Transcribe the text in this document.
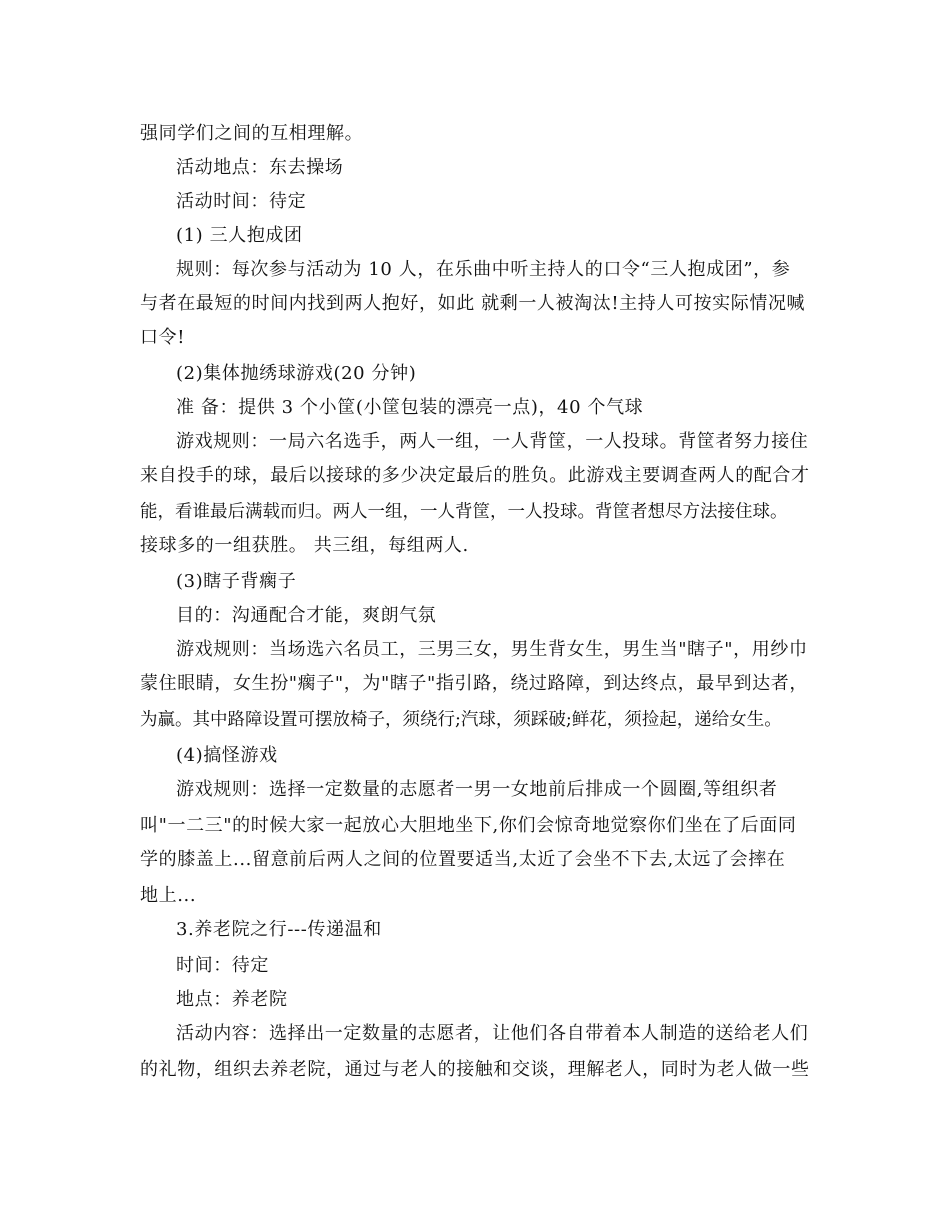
强同学们之间的互相理解。
活动地点：东去操场
活动时间：待定
(1) 三人抱成团
规则：每次参与活动为 10 人，在乐曲中听主持人的口令“三人抱成团”，参
与者在最短的时间内找到两人抱好，如此 就剩一人被淘汰!主持人可按实际情况喊
口令!
(2)集体抛绣球游戏(20 分钟)
准 备：提供 3 个小筐(小筐包装的漂亮一点)，40 个气球
游戏规则：一局六名选手，两人一组，一人背筐，一人投球。背筐者努力接住
来自投手的球，最后以接球的多少决定最后的胜负。此游戏主要调查两人的配合才
能，看谁最后满载而归。两人一组，一人背筐，一人投球。背筐者想尽方法接住球。
接球多的一组获胜。 共三组，每组两人.
(3)瞎子背瘸子
目的：沟通配合才能，爽朗气氛
游戏规则：当场选六名员工，三男三女，男生背女生，男生当"瞎子"，用纱巾
蒙住眼睛，女生扮"瘸子"，为"瞎子"指引路，绕过路障，到达终点，最早到达者，
为赢。其中路障设置可摆放椅子，须绕行;汽球，须踩破;鲜花，须捡起，递给女生。
(4)搞怪游戏
游戏规则：选择一定数量的志愿者一男一女地前后排成一个圆圈,等组织者
叫"一二三"的时候大家一起放心大胆地坐下,你们会惊奇地觉察你们坐在了后面同
学的膝盖上...留意前后两人之间的位置要适当,太近了会坐不下去,太远了会摔在
地上...
3.养老院之行---传递温和
时间：待定
地点：养老院
活动内容：选择出一定数量的志愿者，让他们各自带着本人制造的送给老人们
的礼物，组织去养老院，通过与老人的接触和交谈，理解老人，同时为老人做一些
